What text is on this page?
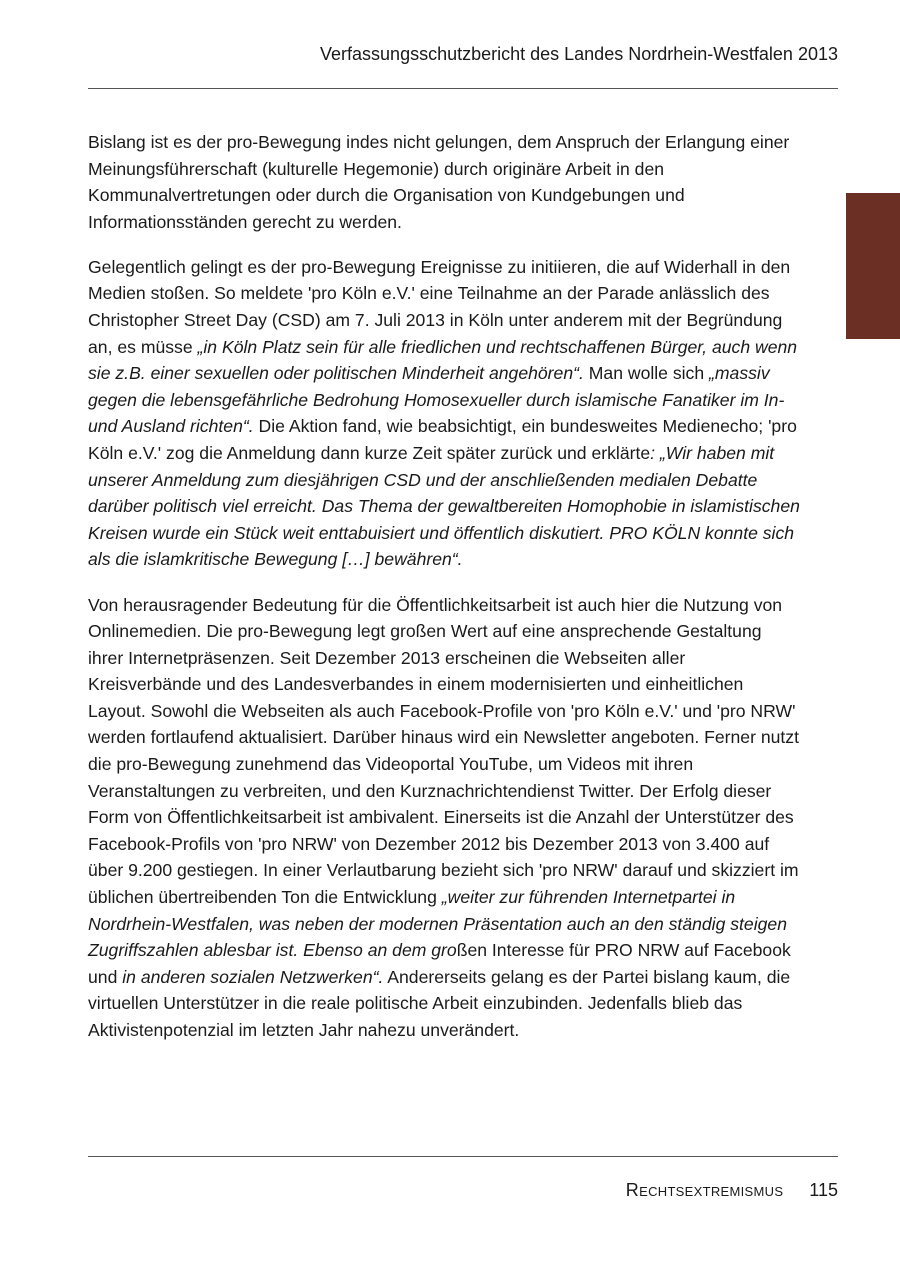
Verfassungsschutzbericht des Landes Nordrhein-Westfalen 2013

Bislang ist es der pro-Bewegung indes nicht gelungen, dem Anspruch der Erlangung einer Meinungsführerschaft (kulturelle Hegemonie) durch originäre Arbeit in den Kommunalvertretungen oder durch die Organisation von Kundgebungen und Informationsständen gerecht zu werden.

Gelegentlich gelingt es der pro-Bewegung Ereignisse zu initiieren, die auf Widerhall in den Medien stoßen. So meldete 'pro Köln e.V.' eine Teilnahme an der Parade anlässlich des Christopher Street Day (CSD) am 7. Juli 2013 in Köln unter anderem mit der Begründung an, es müsse „in Köln Platz sein für alle friedlichen und rechtschaffenen Bürger, auch wenn sie z.B. einer sexuellen oder politischen Minderheit angehören“. Man wolle sich „massiv gegen die lebensgefährliche Bedrohung Homosexueller durch islamische Fanatiker im In- und Ausland richten“. Die Aktion fand, wie beabsichtigt, ein bundesweites Medienecho; 'pro Köln e.V.' zog die Anmeldung dann kurze Zeit später zurück und erklärte: „Wir haben mit unserer Anmeldung zum diesjährigen CSD und der anschließenden medialen Debatte darüber politisch viel erreicht. Das Thema der gewaltbereiten Homophobie in islamistischen Kreisen wurde ein Stück weit enttabuisiert und öffentlich diskutiert. PRO KÖLN konnte sich als die islamkritische Bewegung […] bewähren“.

Von herausragender Bedeutung für die Öffentlichkeitsarbeit ist auch hier die Nutzung von Onlinemedien. Die pro-Bewegung legt großen Wert auf eine ansprechende Gestaltung ihrer Internetpräsenzen. Seit Dezember 2013 erscheinen die Webseiten aller Kreisverbände und des Landesverbandes in einem modernisierten und einheitlichen Layout. Sowohl die Webseiten als auch Facebook-Profile von 'pro Köln e.V.' und 'pro NRW' werden fortlaufend aktualisiert. Darüber hinaus wird ein Newsletter angeboten. Ferner nutzt die pro-Bewegung zunehmend das Videoportal YouTube, um Videos mit ihren Veranstaltungen zu verbreiten, und den Kurznachrichtendienst Twitter. Der Erfolg dieser Form von Öffentlichkeitsarbeit ist ambivalent. Einerseits ist die Anzahl der Unterstützer des Facebook-Profils von 'pro NRW' von Dezember 2012 bis Dezember 2013 von 3.400 auf über 9.200 gestiegen. In einer Verlautbarung bezieht sich 'pro NRW' darauf und skizziert im üblichen übertreibenden Ton die Entwicklung „weiter zur führenden Internetpartei in Nordrhein-Westfalen, was neben der modernen Präsentation auch an den ständig steigen Zugriffszahlen ablesbar ist. Ebenso an dem großen Interesse für PRO NRW auf Facebook und in anderen sozialen Netzwerken“. Andererseits gelang es der Partei bislang kaum, die virtuellen Unterstützer in die reale politische Arbeit einzubinden. Jedenfalls blieb das Aktivistenpotenzial im letzten Jahr nahezu unverändert.

Rechtsextremismus 115
